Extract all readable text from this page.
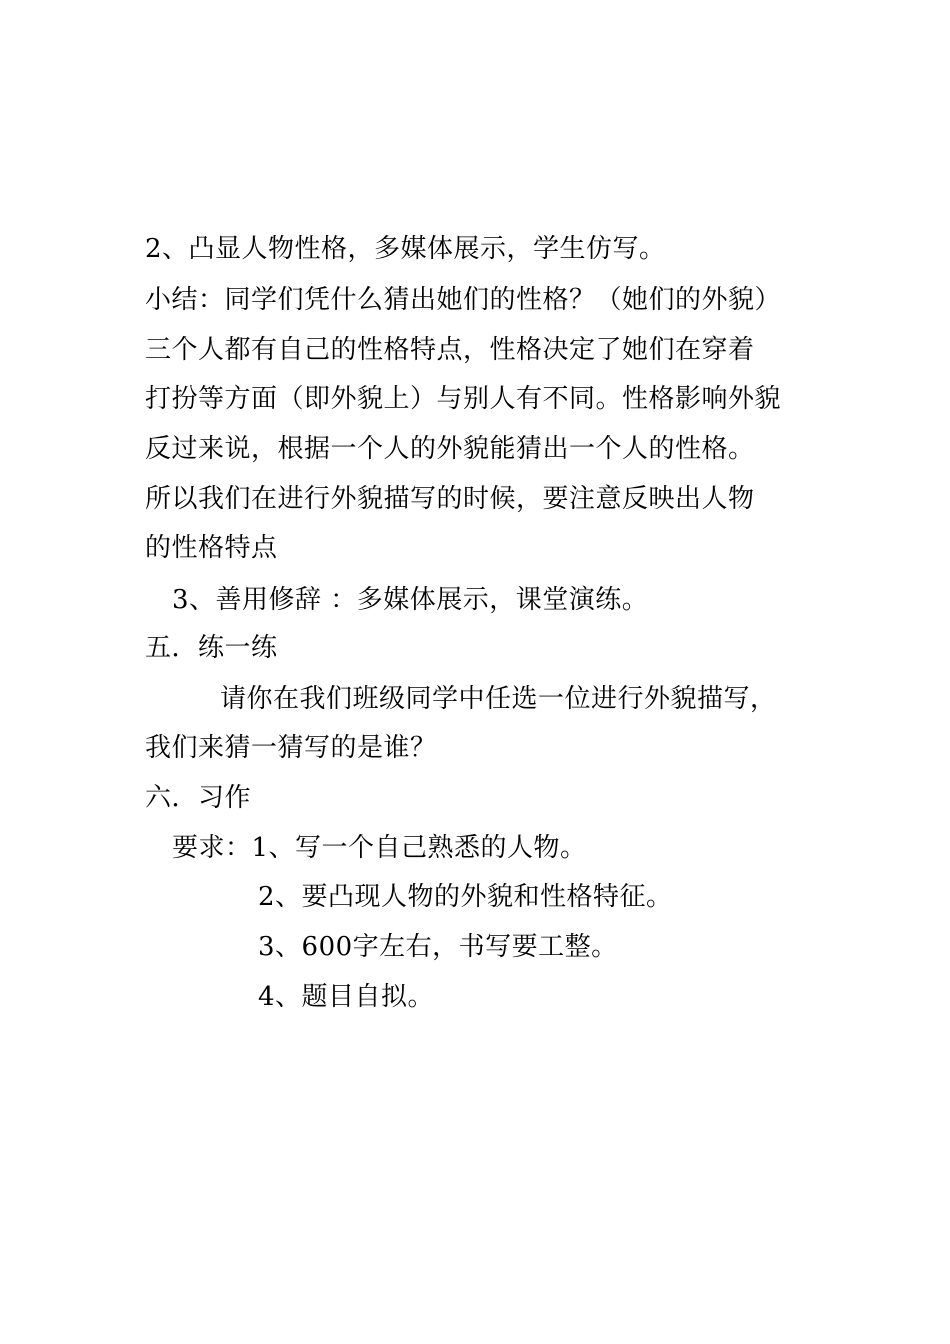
2、凸显人物性格，多媒体展示，学生仿写。
小结：同学们凭什么猜出她们的性格？（她们的外貌）
三个人都有自己的性格特点，性格决定了她们在穿着
打扮等方面（即外貌上）与别人有不同。性格影响外貌
反过来说，根据一个人的外貌能猜出一个人的性格。
所以我们在进行外貌描写的时候，要注意反映出人物
的性格特点
3、善用修辞 ：多媒体展示，课堂演练。
五．练一练
请你在我们班级同学中任选一位进行外貌描写，
我们来猜一猜写的是谁？
六．习作
要求：1、写一个自己熟悉的人物。
2、要凸现人物的外貌和性格特征。
3、600字左右，书写要工整。
4、题目自拟。
